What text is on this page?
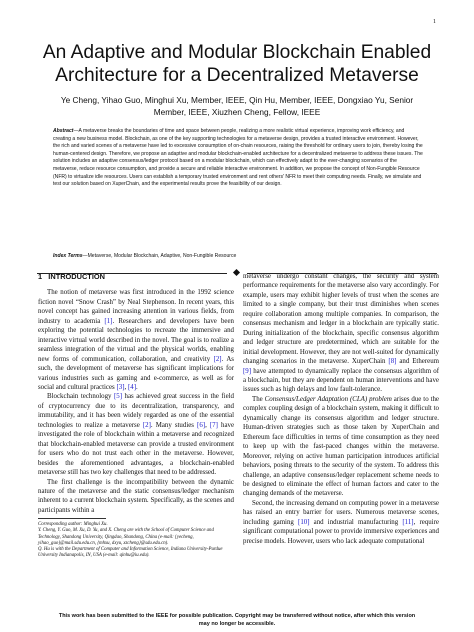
1
An Adaptive and Modular Blockchain Enabled
Architecture for a Decentralized Metaverse
Ye Cheng, Yihao Guo, Minghui Xu, Member, IEEE, Qin Hu, Member, IEEE, Dongxiao Yu, Senior
Member, IEEE, Xiuzhen Cheng, Fellow, IEEE
Abstract—A metaverse breaks the boundaries of time and space between people, realizing a more realistic virtual experience, improving work efficiency, and creating a new business model. Blockchain, as one of the key supporting technologies for a metaverse design, provides a trusted interactive environment. However, the rich and varied scenes of a metaverse have led to excessive consumption of on-chain resources, raising the threshold for ordinary users to join, thereby losing the human-centered design. Therefore, we propose an adaptive and modular blockchain-enabled architecture for a decentralized metaverse to address these issues. The solution includes an adaptive consensus/ledger protocol based on a modular blockchain, which can effectively adapt to the ever-changing scenarios of the metaverse, reduce resource consumption, and provide a secure and reliable interactive environment. In addition, we propose the concept of Non-Fungible Resource (NFR) to virtualize idle resources. Users can establish a temporary trusted environment and rent others' NFR to meet their computing needs. Finally, we simulate and test our solution based on XuperChain, and the experimental results prove the feasibility of our design.
Index Terms—Metaverse, Modular Blockchain, Adaptive, Non-Fungible Resource
1 INTRODUCTION

The notion of metaverse was first introduced in the 1992 science fiction novel “Snow Crash” by Neal Stephenson. In recent years, this novel concept has gained increasing attention in various fields, from industry to academia [1]. Researchers and developers have been exploring the potential technologies to recreate the immersive and interactive virtual world described in the novel. The goal is to realize a seamless integration of the virtual and the physical worlds, enabling new forms of communication, collaboration, and creativity [2]. As such, the development of metaverse has significant implications for various industries such as gaming and e-commerce, as well as for social and cultural practices [3], [4].

Blockchain technology [5] has achieved great success in the field of cryptocurrency due to its decentralization, transparency, and immutability, and it has been widely regarded as one of the essential technologies to realize a metaverse [2]. Many studies [6], [7] have investigated the role of blockchain within a metaverse and recognized that blockchain-enabled metaverse can provide a trusted environment for users who do not trust each other in the metaverse. However, besides the aforementioned advantages, a blockchain-enabled metaverse still has two key challenges that need to be addressed.

The first challenge is the incompatibility between the dynamic nature of the metaverse and the static consensus/ledger mechanism inherent to a current blockchain system. Specifically, as the scenes and participants within a

Corresponding author: Minghui Xu.
Y. Cheng, Y. Guo, M. Xu, D. Yu, and X. Cheng are with the School of Computer Science and Technology, Shandong University, Qingdao, Shandong, China (e-mail: {yecheng, yihao_guo}@mail.sdu.edu.cn, {mhxu, dxyu, xzcheng}@sdu.edu.cn).
Q. Hu is with the Department of Computer and Information Science, Indiana University-Purdue University Indianapolis, IN, USA (e-mail: qinhu@iu.edu).

metaverse undergo constant changes, the security and system performance requirements for the metaverse also vary accordingly. For example, users may exhibit higher levels of trust when the scenes are limited to a single company, but their trust diminishes when scenes require collaboration among multiple companies. In comparison, the consensus mechanism and ledger in a blockchain are typically static. During initialization of the blockchain, specific consensus algorithm and ledger structure are predetermined, which are suitable for the initial development. However, they are not well-suited for dynamically changing scenarios in the metaverse. XuperChain [8] and Ethereum [9] have attempted to dynamically replace the consensus algorithm of a blockchain, but they are dependent on human interventions and have issues such as high delays and low fault-tolerance.

The Consensus/Ledger Adaptation (CLA) problem arises due to the complex coupling design of a blockchain system, making it difficult to dynamically change its consensus algorithm and ledger structure. Human-driven strategies such as those taken by XuperChain and Ethereum face difficulties in terms of time consumption as they need to keep up with the fast-paced changes within the metaverse. Moreover, relying on active human participation introduces artificial behaviors, posing threats to the security of the system. To address this challenge, an adaptive consensus/ledger replacement scheme needs to be designed to eliminate the effect of human factors and cater to the changing demands of the metaverse.

Second, the increasing demand on computing power in a metaverse has raised an entry barrier for users. Numerous metaverse scenes, including gaming [10] and industrial manufacturing [11], require significant computational power to provide immersive experiences and precise models. However, users who lack adequate computational

This work has been submitted to the IEEE for possible publication. Copyright may be transferred without notice, after which this version
may no longer be accessible.
